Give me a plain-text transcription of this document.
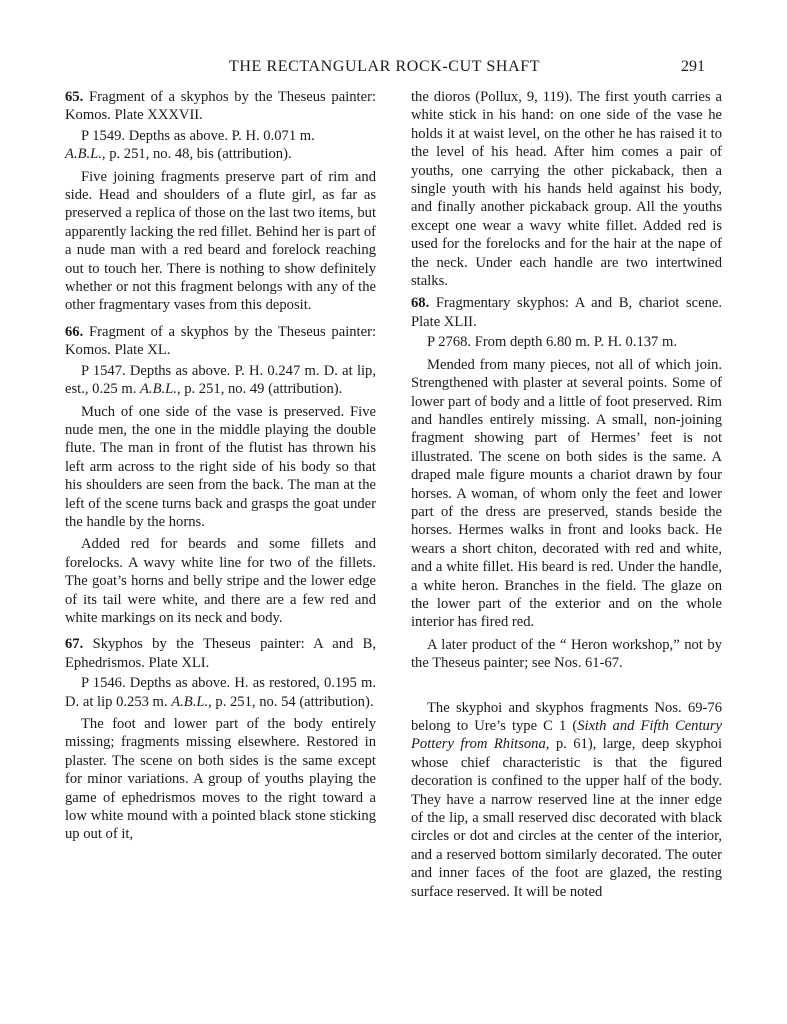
THE RECTANGULAR ROCK-CUT SHAFT	291

65. Fragment of a skyphos by the Theseus painter: Komos. Plate XXXVII.

P 1549. Depths as above. P. H. 0.071 m.
A.B.L., p. 251, no. 48, bis (attribution).

Five joining fragments preserve part of rim and side. Head and shoulders of a flute girl, as far as preserved a replica of those on the last two items, but apparently lacking the red fillet. Behind her is part of a nude man with a red beard and forelock reaching out to touch her. There is nothing to show definitely whether or not this fragment belongs with any of the other fragmentary vases from this deposit.

66. Fragment of a skyphos by the Theseus painter: Komos. Plate XL.

P 1547. Depths as above. P. H. 0.247 m. D. at lip, est., 0.25 m. A.B.L., p. 251, no. 49 (attribution).

Much of one side of the vase is preserved. Five nude men, the one in the middle playing the double flute. The man in front of the flutist has thrown his left arm across to the right side of his body so that his shoulders are seen from the back. The man at the left of the scene turns back and grasps the goat under the handle by the horns.

Added red for beards and some fillets and forelocks. A wavy white line for two of the fillets. The goat’s horns and belly stripe and the lower edge of its tail were white, and there are a few red and white markings on its neck and body.

67. Skyphos by the Theseus painter: A and B, Ephedrismos. Plate XLI.

P 1546. Depths as above. H. as restored, 0.195 m. D. at lip 0.253 m. A.B.L., p. 251, no. 54 (attribution).

The foot and lower part of the body entirely missing; fragments missing elsewhere. Restored in plaster. The scene on both sides is the same except for minor variations. A group of youths playing the game of ephedrismos moves to the right toward a low white mound with a pointed black stone sticking up out of it,

the dioros (Pollux, 9, 119). The first youth carries a white stick in his hand: on one side of the vase he holds it at waist level, on the other he has raised it to the level of his head. After him comes a pair of youths, one carrying the other pickaback, then a single youth with his hands held against his body, and finally another pickaback group. All the youths except one wear a wavy white fillet. Added red is used for the forelocks and for the hair at the nape of the neck. Under each handle are two intertwined stalks.

68. Fragmentary skyphos: A and B, chariot scene. Plate XLII.

P 2768. From depth 6.80 m. P. H. 0.137 m.

Mended from many pieces, not all of which join. Strengthened with plaster at several points. Some of lower part of body and a little of foot preserved. Rim and handles entirely missing. A small, non-joining fragment showing part of Hermes’ feet is not illustrated. The scene on both sides is the same. A draped male figure mounts a chariot drawn by four horses. A woman, of whom only the feet and lower part of the dress are preserved, stands beside the horses. Hermes walks in front and looks back. He wears a short chiton, decorated with red and white, and a white fillet. His beard is red. Under the handle, a white heron. Branches in the field. The glaze on the lower part of the exterior and on the whole interior has fired red.

A later product of the “ Heron workshop,” not by the Theseus painter; see Nos. 61-67.

The skyphoi and skyphos fragments Nos. 69-76 belong to Ure’s type C 1 (Sixth and Fifth Century Pottery from Rhitsona, p. 61), large, deep skyphoi whose chief characteristic is that the figured decoration is confined to the upper half of the body. They have a narrow reserved line at the inner edge of the lip, a small reserved disc decorated with black circles or dot and circles at the center of the interior, and a reserved bottom similarly decorated. The outer and inner faces of the foot are glazed, the resting surface reserved. It will be noted
